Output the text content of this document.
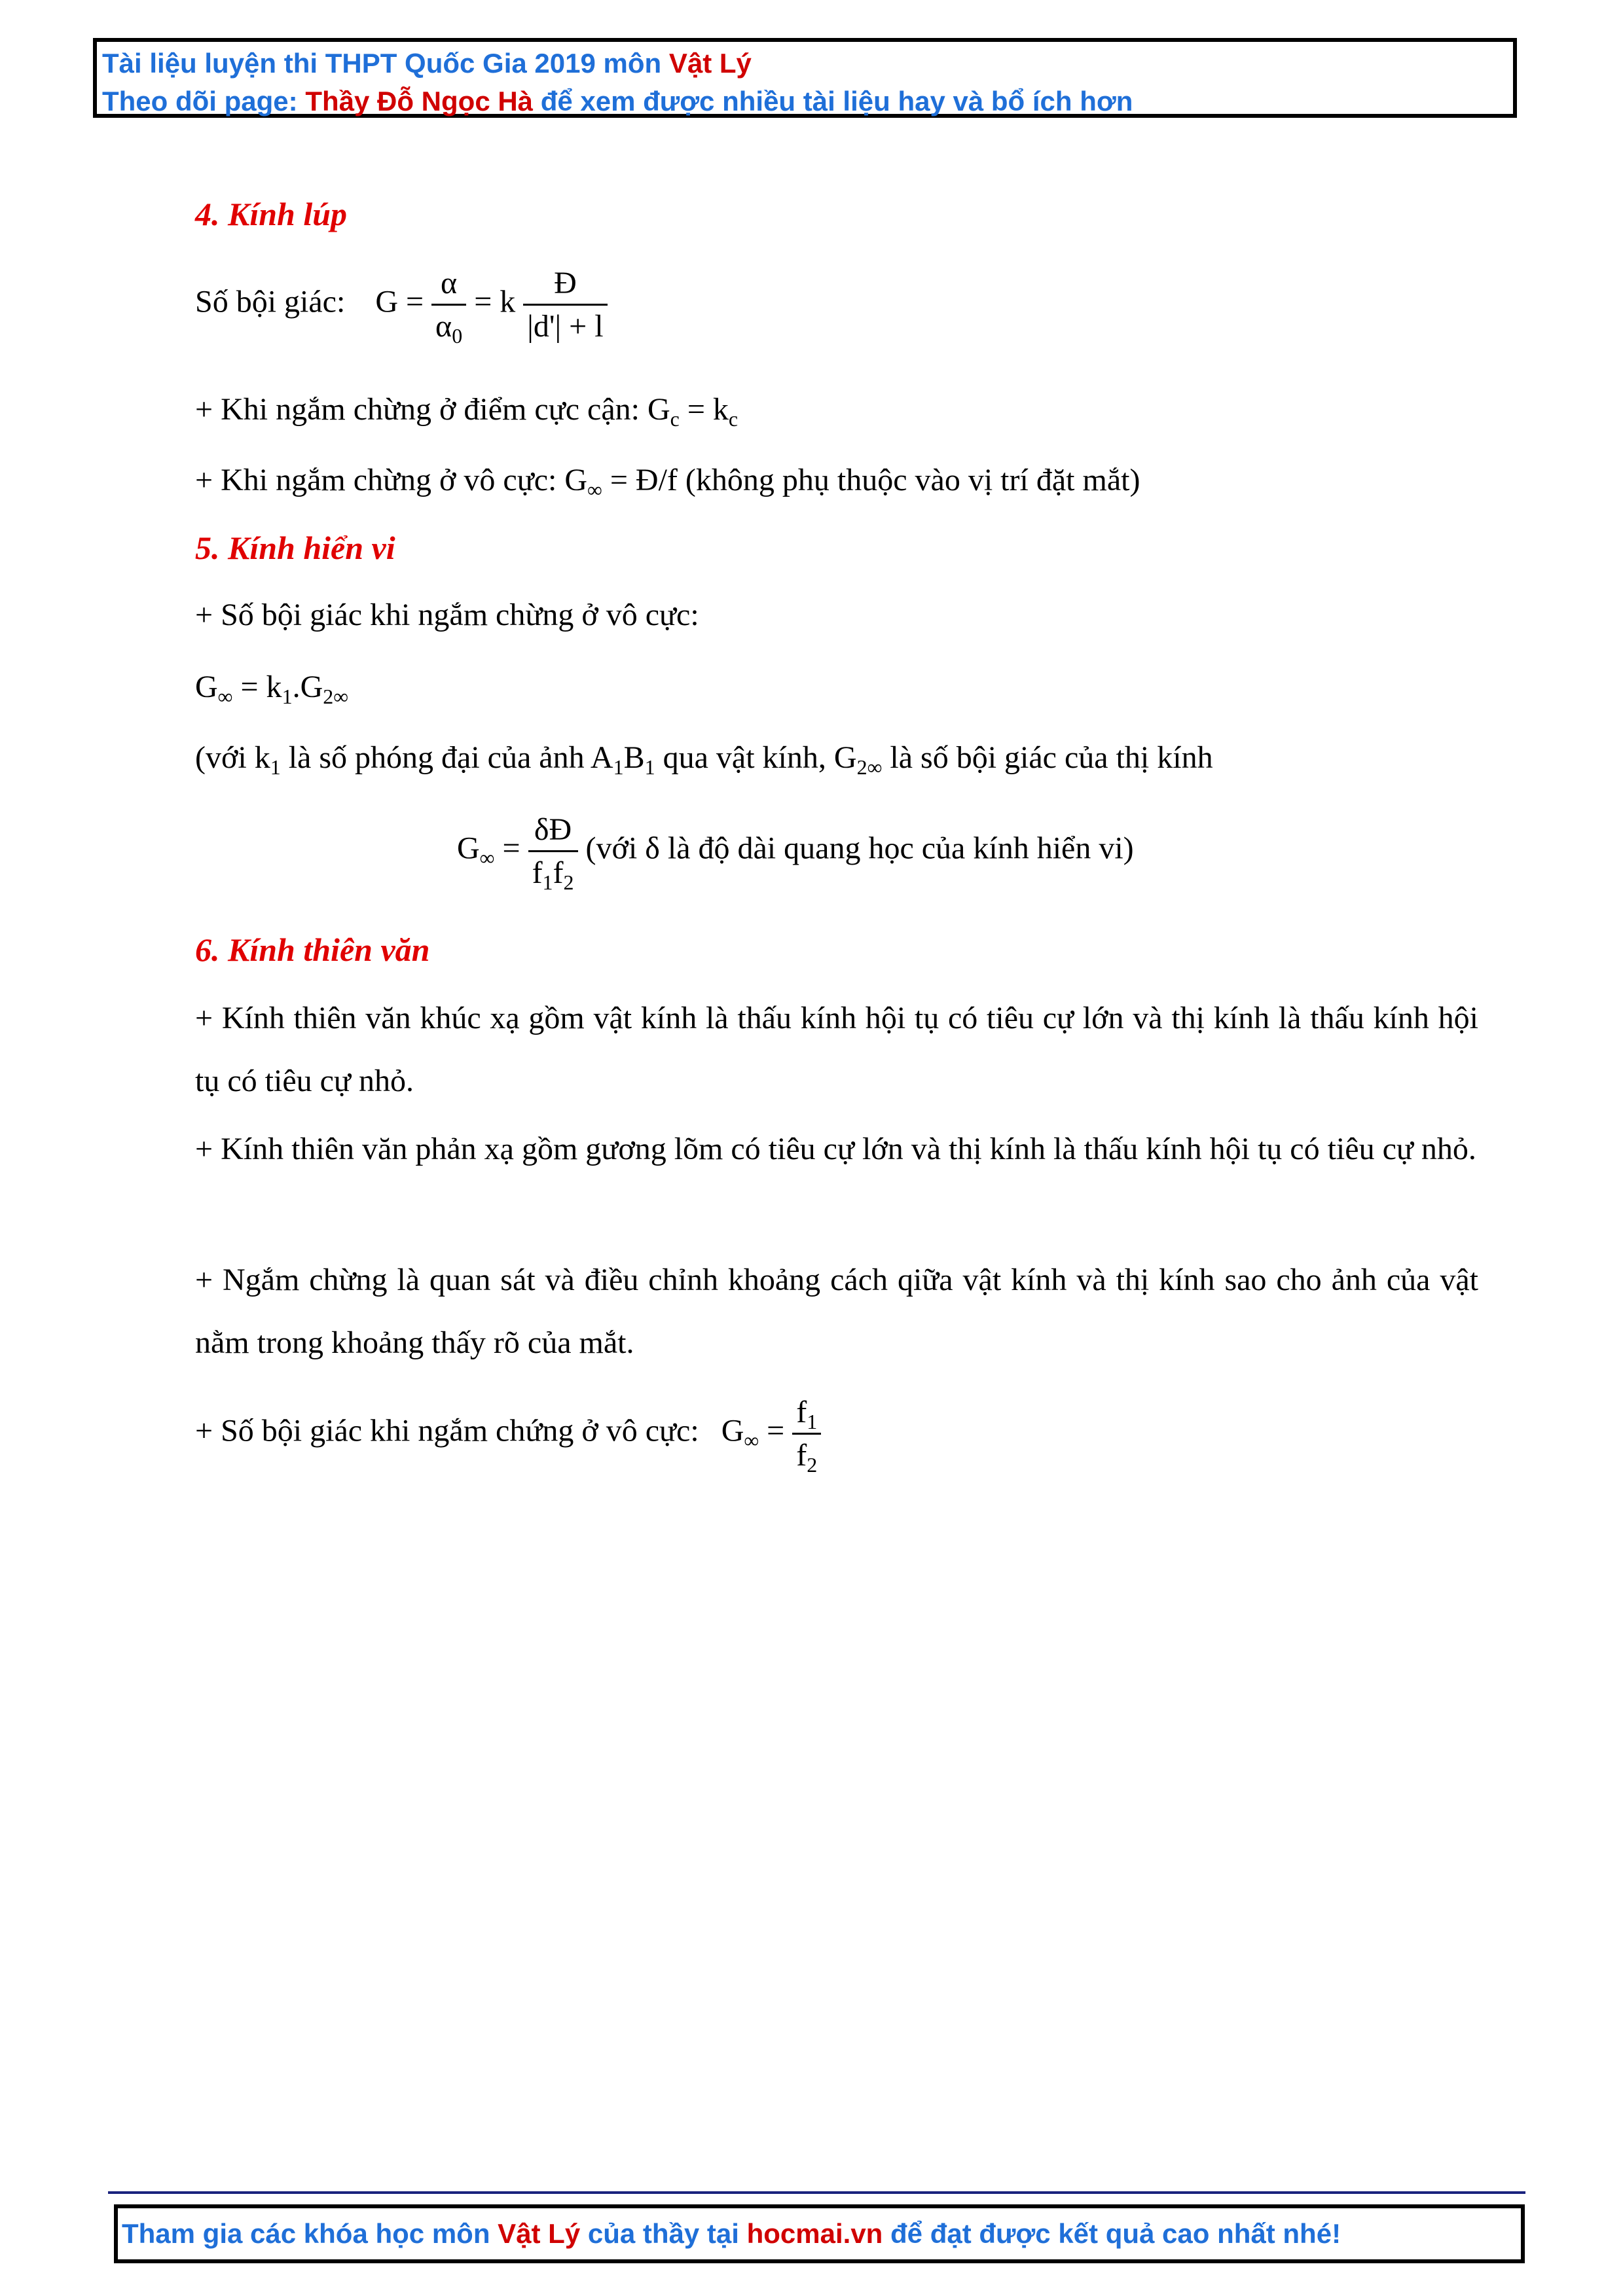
Tài liệu luyện thi THPT Quốc Gia 2019 môn Vật Lý
Theo dõi page: Thầy Đỗ Ngọc Hà để xem được nhiều tài liệu hay và bổ ích hơn
4. Kính lúp
Số bội giác: $G = \frac{\alpha}{\alpha_0} = k \frac{Đ}{|d'| + l}$
+ Khi ngắm chừng ở điểm cực cận: $G_c = k_c$
+ Khi ngắm chừng ở vô cực: $G_\infty$ = Đ/f (không phụ thuộc vào vị trí đặt mắt)
5. Kính hiển vi
+ Số bội giác khi ngắm chừng ở vô cực:
$G_\infty = k_1.G_{2\infty}$
(với $k_1$ là số phóng đại của ảnh $A_1B_1$ qua vật kính, $G_{2\infty}$ là số bội giác của thị kính
$G_\infty = \frac{\delta Đ}{f_1f_2}$ (với δ là độ dài quang học của kính hiển vi)
6. Kính thiên văn
+ Kính thiên văn khúc xạ gồm vật kính là thấu kính hội tụ có tiêu cự lớn và thị kính là thấu kính hội tụ có tiêu cự nhỏ.
+ Kính thiên văn phản xạ gồm gương lõm có tiêu cự lớn và thị kính là thấu kính hội tụ có tiêu cự nhỏ.
+ Ngắm chừng là quan sát và điều chỉnh khoảng cách qiữa vật kính và thị kính sao cho ảnh của vật nằm trong khoảng thấy rõ của mắt.
+ Số bội giác khi ngắm chứng ở vô cực: $G_\infty = \frac{f_1}{f_2}$
Tham gia các khóa học môn Vật Lý của thầy tại hocmai.vn để đạt được kết quả cao nhất nhé!
